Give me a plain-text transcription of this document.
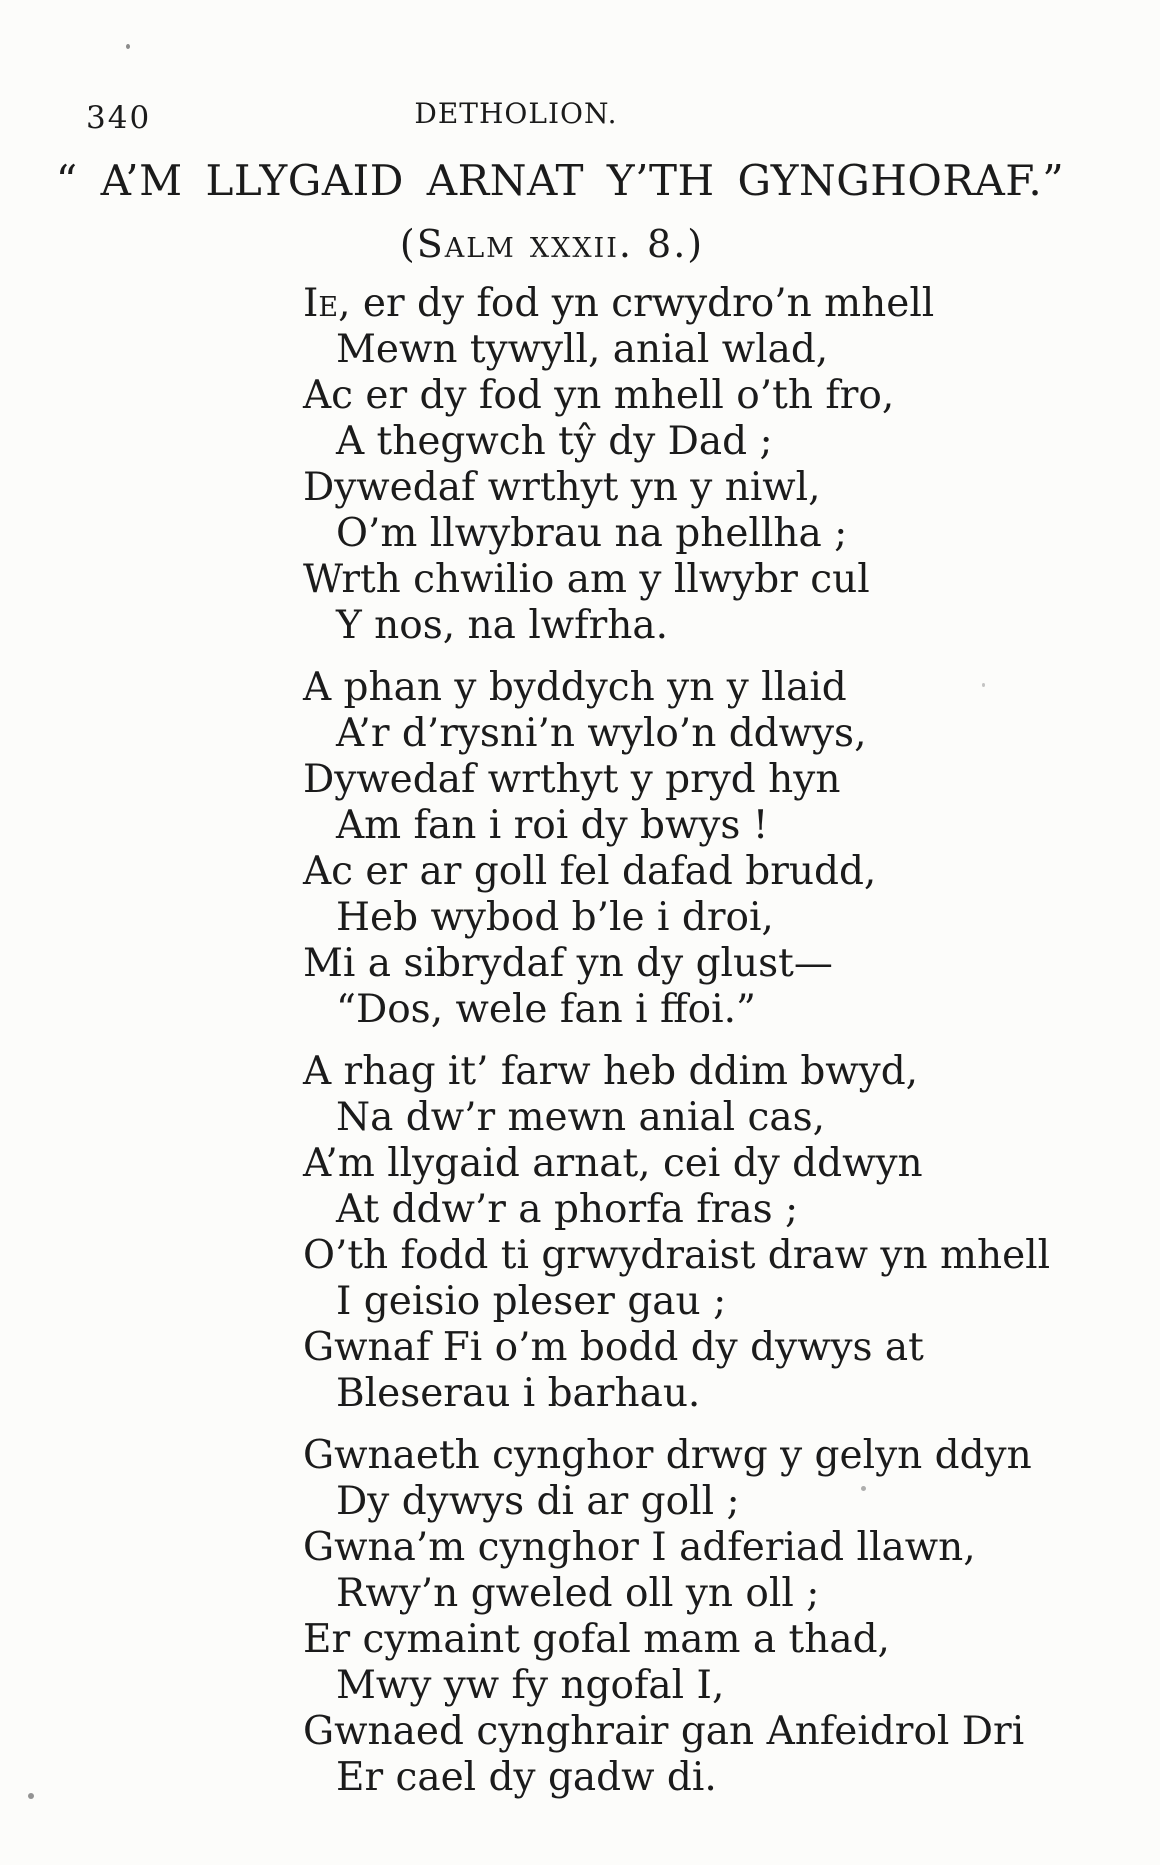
340	DETHOLION.
“ A’M LLYGAID ARNAT Y’TH GYNGHORAF.”
(Salm xxxii. 8.)
Ie, er dy fod yn crwydro’n mhell
Mewn tywyll, anial wlad,
Ac er dy fod yn mhell o’th fro,
A thegwch tŷ dy Dad ;
Dywedaf wrthyt yn y niwl,
O’m llwybrau na phellha ;
Wrth chwilio am y llwybr cul
Y nos, na lwfrha.
A phan y byddych yn y llaid
A’r d’rysni’n wylo’n ddwys,
Dywedaf wrthyt y pryd hyn
Am fan i roi dy bwys !
Ac er ar goll fel dafad brudd,
Heb wybod b’le i droi,
Mi a sibrydaf yn dy glust—
“Dos, wele fan i ffoi.”
A rhag it’ farw heb ddim bwyd,
Na dw’r mewn anial cas,
A’m llygaid arnat, cei dy ddwyn
At ddw’r a phorfa fras ;
O’th fodd ti grwydraist draw yn mhell
I geisio pleser gau ;
Gwnaf Fi o’m bodd dy dywys at
Bleserau i barhau.
Gwnaeth cynghor drwg y gelyn ddyn
Dy dywys di ar goll ;
Gwna’m cynghor I adferiad llawn,
Rwy’n gweled oll yn oll ;
Er cymaint gofal mam a thad,
Mwy yw fy ngofal I,
Gwnaed cynghrair gan Anfeidrol Dri
Er cael dy gadw di.
